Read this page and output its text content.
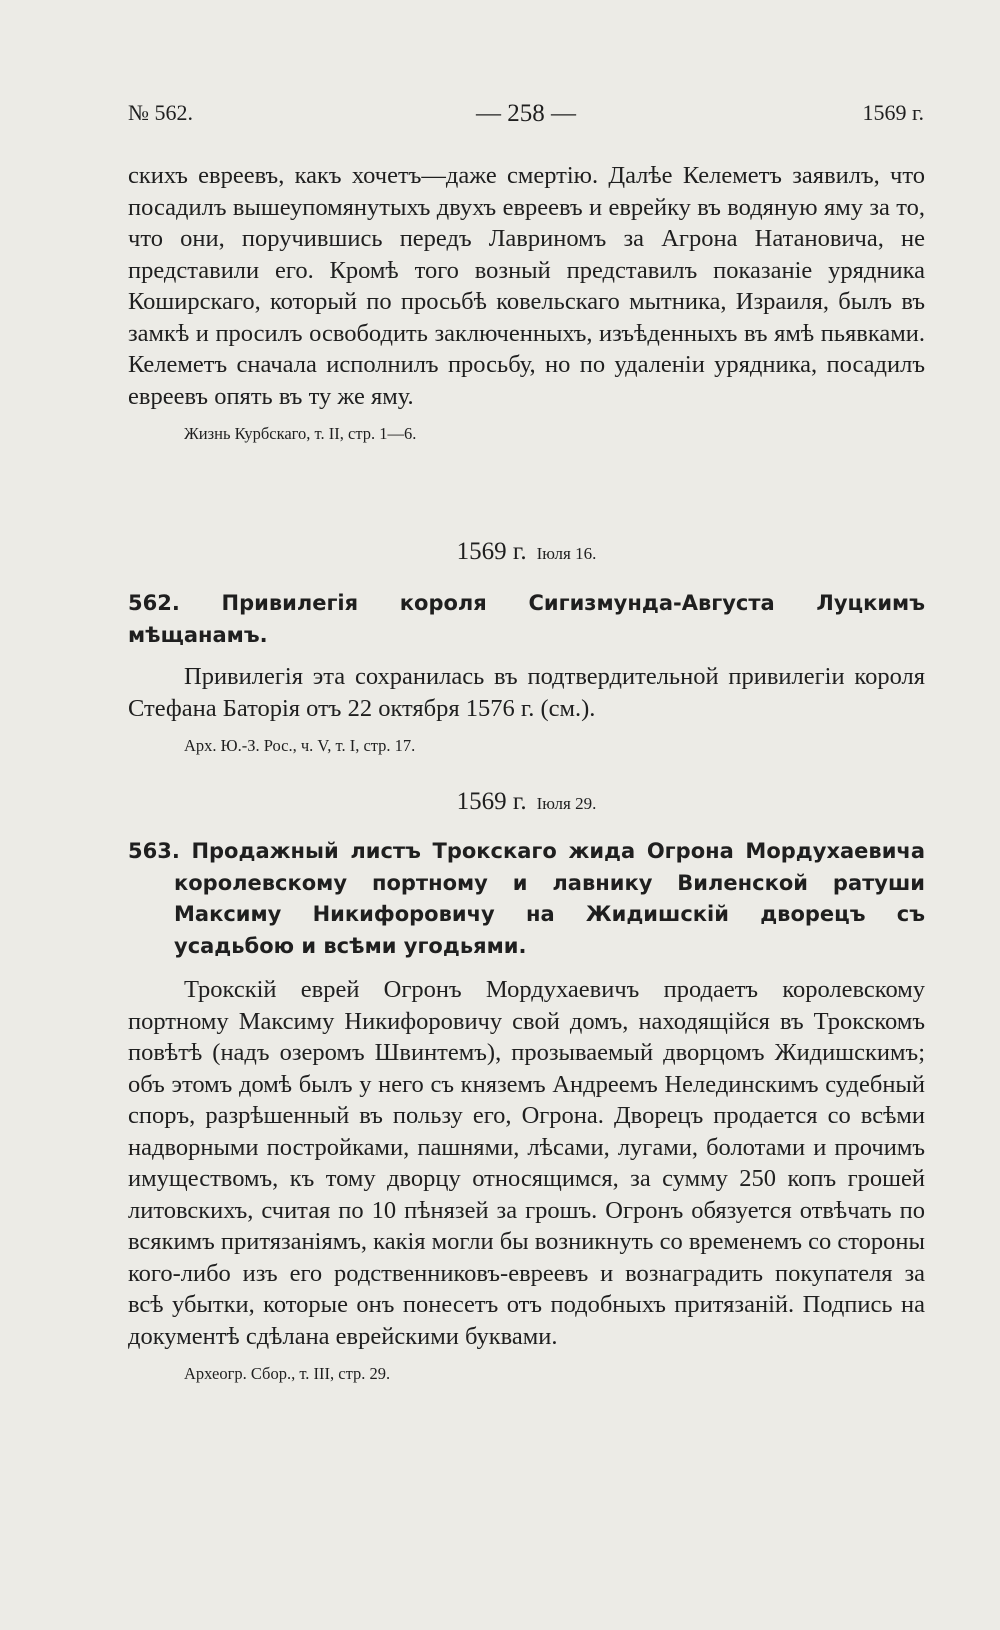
№ 562.	— 258 —	1569 г.

скихъ евреевъ, какъ хочетъ—даже смертію. Далѣе Келеметъ заявилъ, что посадилъ вышеупомянутыхъ двухъ евреевъ и еврейку въ водяную яму за то, что они, поручившись передъ Лавриномъ за Агрона Натановича, не представили его. Кромѣ того возный представилъ показаніе урядника Коширскаго, который по просьбѣ ковельскаго мытника, Израиля, былъ въ замкѣ и просилъ освободить заключенныхъ, изъѣденныхъ въ ямѣ пьявками. Келеметъ сначала исполнилъ просьбу, но по удаленіи урядника, посадилъ евреевъ опять въ ту же яму.

Жизнь Курбскаго, т. II, стр. 1—6.
1569 г. Іюля 16.

562. Привилегія короля Сигизмунда-Августа Луцкимъ мѣщанамъ.

Привилегія эта сохранилась въ подтвердительной привилегіи короля Стефана Баторія отъ 22 октября 1576 г. (см.).

Арх. Ю.-З. Рос., ч. V, т. I, стр. 17.
1569 г. Іюля 29.

563. Продажный листъ Трокскаго жида Огрона Мордухаевича королевскому портному и лавнику Виленской ратуши Максиму Никифоровичу на Жидишскій дворецъ съ усадьбою и всѣми угодьями.

Трокскій еврей Огронъ Мордухаевичъ продаетъ королевскому портному Максиму Никифоровичу свой домъ, находящійся въ Трокскомъ повѣтѣ (надъ озеромъ Швинтемъ), прозываемый дворцомъ Жидишскимъ; объ этомъ домѣ былъ у него съ княземъ Андреемъ Нелединскимъ судебный споръ, разрѣшенный въ пользу его, Огрона. Дворецъ продается со всѣми надворными постройками, пашнями, лѣсами, лугами, болотами и прочимъ имуществомъ, къ тому дворцу относящимся, за сумму 250 копъ грошей литовскихъ, считая по 10 пѣнязей за грошъ. Огронъ обязуется отвѣчать по всякимъ притязаніямъ, какія могли бы возникнуть со временемъ со стороны кого-либо изъ его родственниковъ-евреевъ и вознаградить покупателя за всѣ убытки, которые онъ понесетъ отъ подобныхъ притязаній. Подпись на документѣ сдѣлана еврейскими буквами.

Археогр. Сбор., т. III, стр. 29.
